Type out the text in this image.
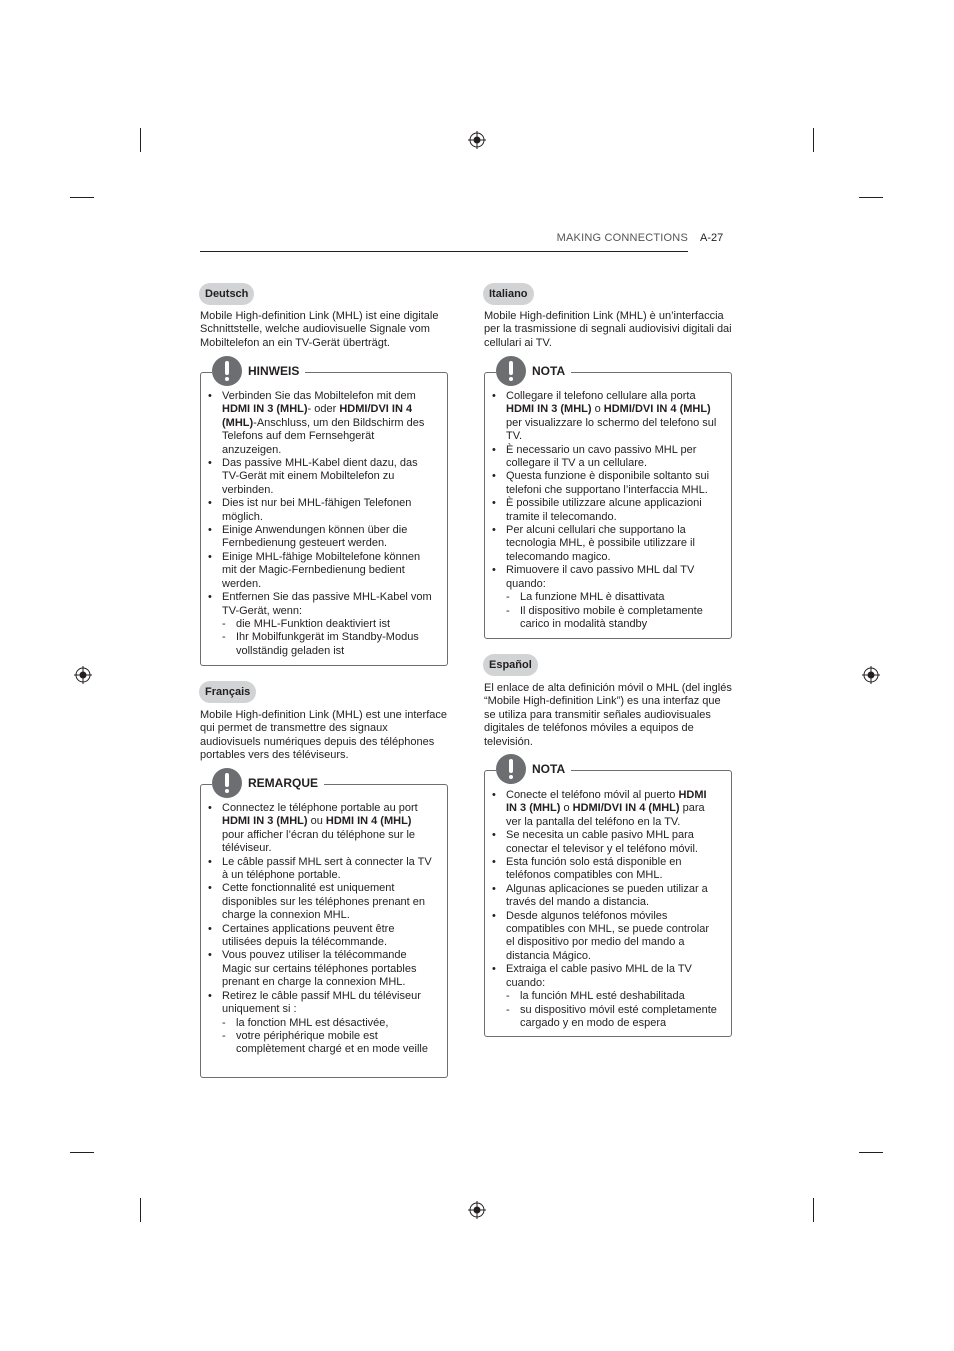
MAKING CONNECTIONS A-27
Deutsch

Mobile High-definition Link (MHL) ist eine digitale Schnittstelle, welche audiovisuelle Signale vom Mobiltelefon an ein TV-Gerät überträgt.

HINWEIS
• Verbinden Sie das Mobiltelefon mit dem HDMI IN 3 (MHL)- oder HDMI/DVI IN 4 (MHL)-Anschluss, um den Bildschirm des Telefons auf dem Fernsehgerät anzuzeigen.
• Das passive MHL-Kabel dient dazu, das TV-Gerät mit einem Mobiltelefon zu verbinden.
• Dies ist nur bei MHL-fähigen Telefonen möglich.
• Einige Anwendungen können über die Fernbedienung gesteuert werden.
• Einige MHL-fähige Mobiltelefone können mit der Magic-Fernbedienung bedient werden.
• Entfernen Sie das passive MHL-Kabel vom TV-Gerät, wenn:
- die MHL-Funktion deaktiviert ist
- Ihr Mobilfunkgerät im Standby-Modus vollständig geladen ist
Français

Mobile High-definition Link (MHL) est une interface qui permet de transmettre des signaux audiovisuels numériques depuis des téléphones portables vers des téléviseurs.

REMARQUE
• Connectez le téléphone portable au port HDMI IN 3 (MHL) ou HDMI IN 4 (MHL) pour afficher l’écran du téléphone sur le téléviseur.
• Le câble passif MHL sert à connecter la TV à un téléphone portable.
• Cette fonctionnalité est uniquement disponibles sur les téléphones prenant en charge la connexion MHL.
• Certaines applications peuvent être utilisées depuis la télécommande.
• Vous pouvez utiliser la télécommande Magic sur certains téléphones portables prenant en charge la connexion MHL.
• Retirez le câble passif MHL du téléviseur uniquement si :
- la fonction MHL est désactivée,
- votre périphérique mobile est complètement chargé et en mode veille
Italiano

Mobile High-definition Link (MHL) è un’interfaccia per la trasmissione di segnali audiovisivi digitali dai cellulari ai TV.

NOTA
• Collegare il telefono cellulare alla porta HDMI IN 3 (MHL) o HDMI/DVI IN 4 (MHL) per visualizzare lo schermo del telefono sul TV.
• È necessario un cavo passivo MHL per collegare il TV a un cellulare.
• Questa funzione è disponibile soltanto sui telefoni che supportano l’interfaccia MHL.
• È possibile utilizzare alcune applicazioni tramite il telecomando.
• Per alcuni cellulari che supportano la tecnologia MHL, è possibile utilizzare il telecomando magico.
• Rimuovere il cavo passivo MHL dal TV quando:
- La funzione MHL è disattivata
- Il dispositivo mobile è completamente carico in modalità standby
Español

El enlace de alta definición móvil o MHL (del inglés “Mobile High-definition Link”) es una interfaz que se utiliza para transmitir señales audiovisuales digitales de teléfonos móviles a equipos de televisión.

NOTA
• Conecte el teléfono móvil al puerto HDMI IN 3 (MHL) o HDMI/DVI IN 4 (MHL) para ver la pantalla del teléfono en la TV.
• Se necesita un cable pasivo MHL para conectar el televisor y el teléfono móvil.
• Esta función solo está disponible en teléfonos compatibles con MHL.
• Algunas aplicaciones se pueden utilizar a través del mando a distancia.
• Desde algunos teléfonos móviles compatibles con MHL, se puede controlar el dispositivo por medio del mando a distancia Mágico.
• Extraiga el cable pasivo MHL de la TV cuando:
- la función MHL esté deshabilitada
- su dispositivo móvil esté completamente cargado y en modo de espera
